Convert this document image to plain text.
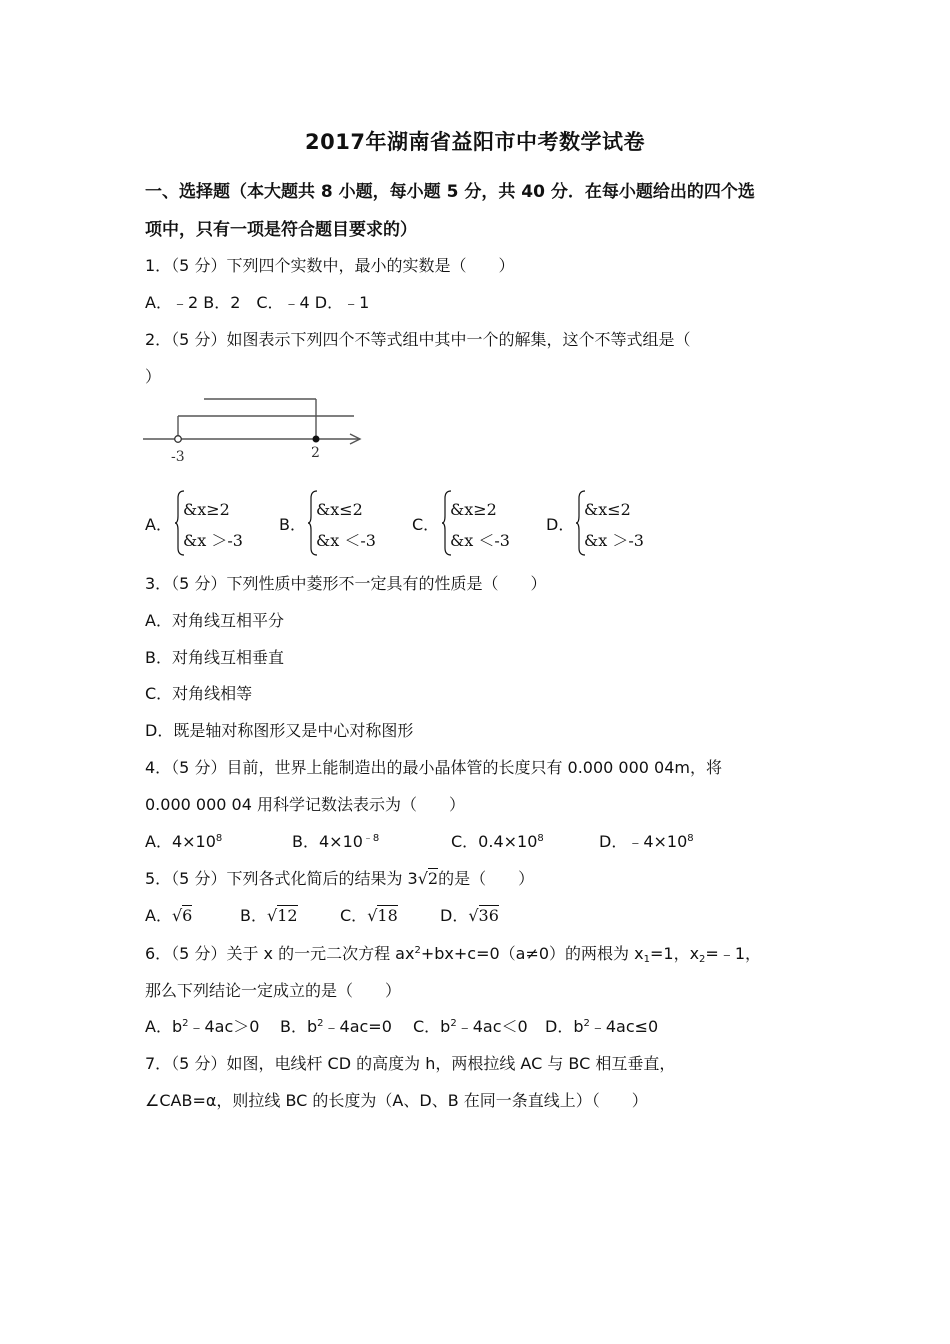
2017年湖南省益阳市中考数学试卷
一、选择题（本大题共 8 小题，每小题 5 分，共 40 分．在每小题给出的四个选
项中，只有一项是符合题目要求的）
1．（5 分）下列四个实数中，最小的实数是（　　）
A．﹣2 B．2　C．﹣4 D．﹣1
2．（5 分）如图表示下列四个不等式组中其中一个的解集，这个不等式组是（
）
-3	2
A．
&x≥2
&x ＞-3
B．
&x≤2
&x ＜-3
C．
&x≥2
&x ＜-3
D．
&x≤2
&x ＞-3
3．（5 分）下列性质中菱形不一定具有的性质是（　　）
A．对角线互相平分
B．对角线互相垂直
C．对角线相等
D．既是轴对称图形又是中心对称图形
4．（5 分）目前，世界上能制造出的最小晶体管的长度只有 0.000 000 04m，将
0.000 000 04 用科学记数法表示为（　　）
A．$4\times 10^8$	B．$4\times 10^{﹣8}$	C．$0.4\times 10^8$	D．$﹣4\times 10^8$
5．（5 分）下列各式化简后的结果为 3√2的是（　　）
A．√6	B．√12	C．√18	D．√36
6．（5 分）关于 x 的一元二次方程 $ax^2+bx+c=0(a\ne 0)$的两根为 $x_1=1$，$x_2=﹣1$，
那么下列结论一定成立的是（　　）
A．$b^2﹣4ac>0$ B．$b^2﹣4ac=0$ C．$b^2﹣4ac<0$ D．$b^2﹣4ac\le 0$
7．（5 分）如图，电线杆 CD 的高度为 h，两根拉线 AC 与 BC 相互垂直，
∠CAB=α，则拉线 BC 的长度为（A、D、B 在同一条直线上）（　　）
